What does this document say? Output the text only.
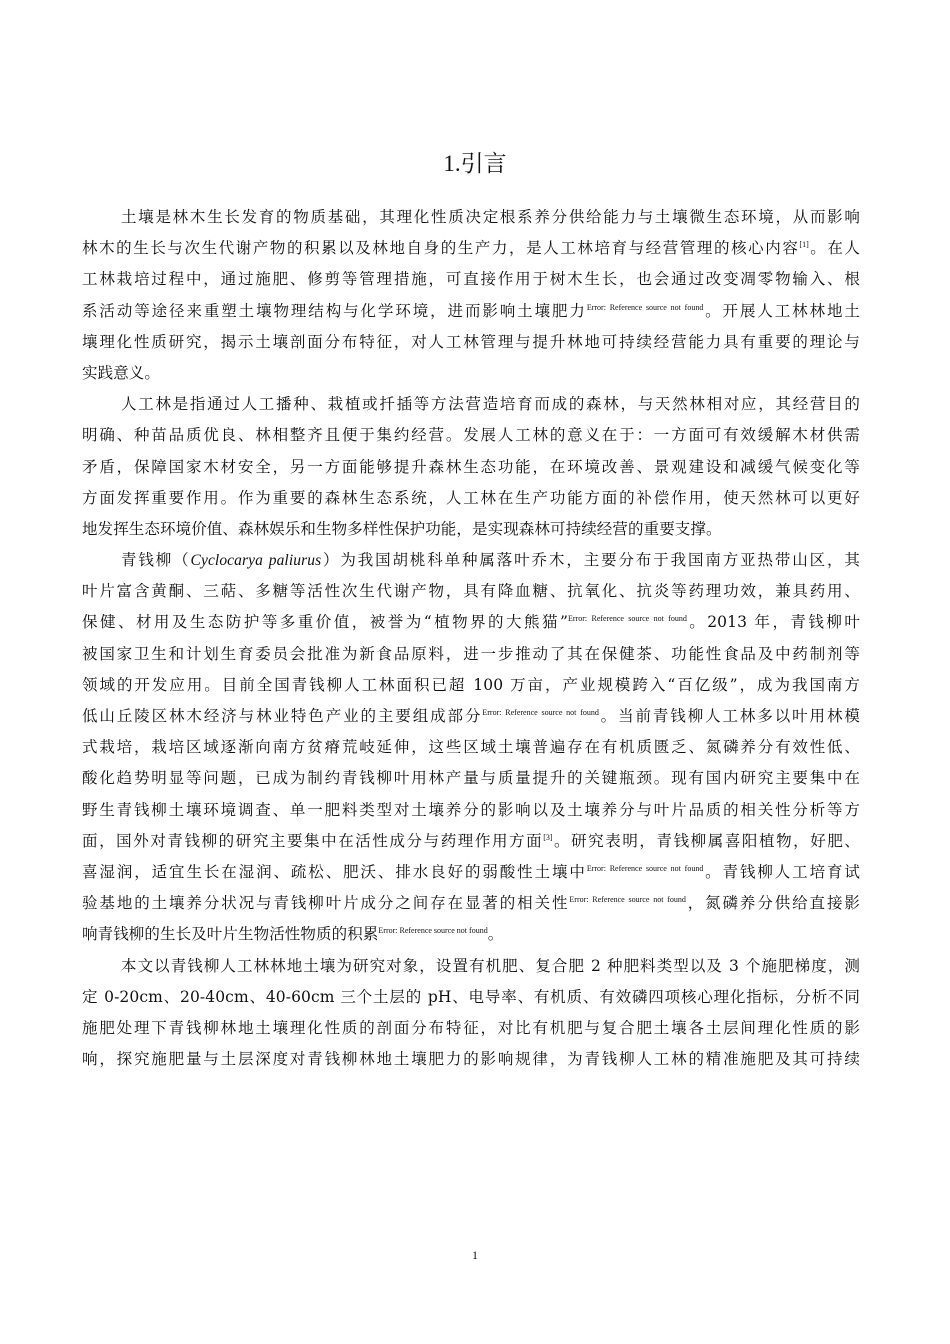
1.引言
土壤是林木生长发育的物质基础，其理化性质决定根系养分供给能力与土壤微生态环境，从而影响
林木的生长与次生代谢产物的积累以及林地自身的生产力，是人工林培育与经营管理的核心内容[1]。在人
工林栽培过程中，通过施肥、修剪等管理措施，可直接作用于树木生长，也会通过改变凋零物输入、根
系活动等途径来重塑土壤物理结构与化学环境，进而影响土壤肥力$^{Error: Reference source not found}$。开展人工林林地土
壤理化性质研究，揭示土壤剖面分布特征，对人工林管理与提升林地可持续经营能力具有重要的理论与
实践意义。
人工林是指通过人工播种、栽植或扦插等方法营造培育而成的森林，与天然林相对应，其经营目的
明确、种苗品质优良、林相整齐且便于集约经营。发展人工林的意义在于：一方面可有效缓解木材供需
矛盾，保障国家木材安全，另一方面能够提升森林生态功能，在环境改善、景观建设和减缓气候变化等
方面发挥重要作用。作为重要的森林生态系统，人工林在生产功能方面的补偿作用，使天然林可以更好
地发挥生态环境价值、森林娱乐和生物多样性保护功能，是实现森林可持续经营的重要支撑。
青钱柳（Cyclocarya paliurus）为我国胡桃科单种属落叶乔木，主要分布于我国南方亚热带山区，其
叶片富含黄酮、三萜、多糖等活性次生代谢产物，具有降血糖、抗氧化、抗炎等药理功效，兼具药用、
保健、材用及生态防护等多重价值，被誉为“植物界的大熊猫”$^{Error: Reference source not found}$。2013 年，青钱柳叶
被国家卫生和计划生育委员会批准为新食品原料，进一步推动了其在保健茶、功能性食品及中药制剂等
领域的开发应用。目前全国青钱柳人工林面积已超 100 万亩，产业规模跨入“百亿级”，成为我国南方
低山丘陵区林木经济与林业特色产业的主要组成部分$^{Error: Reference source not found}$。当前青钱柳人工林多以叶用林模
式栽培，栽培区域逐渐向南方贫瘠荒岐延伸，这些区域土壤普遍存在有机质匮乏、氮磷养分有效性低、
酸化趋势明显等问题，已成为制约青钱柳叶用林产量与质量提升的关键瓶颈。现有国内研究主要集中在
野生青钱柳土壤环境调查、单一肥料类型对土壤养分的影响以及土壤养分与叶片品质的相关性分析等方
面，国外对青钱柳的研究主要集中在活性成分与药理作用方面[3]。研究表明，青钱柳属喜阳植物，好肥、
喜湿润，适宜生长在湿润、疏松、肥沃、排水良好的弱酸性土壤中$^{Error: Reference source not found}$。青钱柳人工培育试
验基地的土壤养分状况与青钱柳叶片成分之间存在显著的相关性$^{Error: Reference source not found}$，氮磷养分供给直接影
响青钱柳的生长及叶片生物活性物质的积累$^{Error: Reference source not found}$。
本文以青钱柳人工林林地土壤为研究对象，设置有机肥、复合肥 2 种肥料类型以及 3 个施肥梯度，测
定 0-20cm、20-40cm、40-60cm 三个土层的 pH、电导率、有机质、有效磷四项核心理化指标，分析不同
施肥处理下青钱柳林地土壤理化性质的剖面分布特征，对比有机肥与复合肥土壤各土层间理化性质的影
响，探究施肥量与土层深度对青钱柳林地土壤肥力的影响规律，为青钱柳人工林的精准施肥及其可持续
1
